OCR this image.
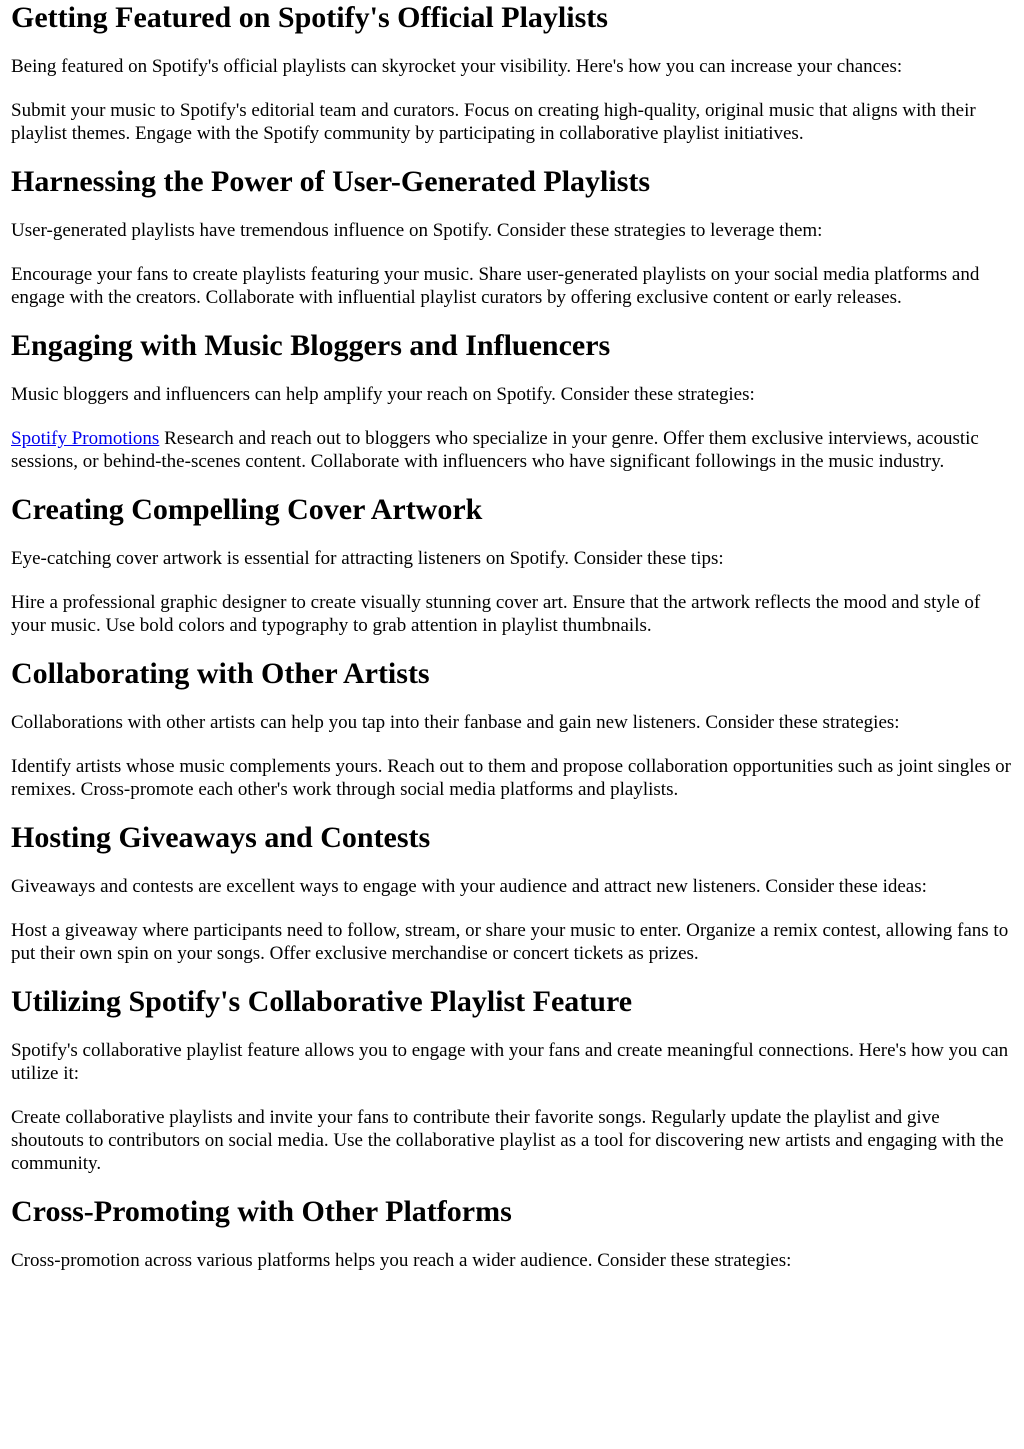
Getting Featured on Spotify's Official Playlists

Being featured on Spotify's official playlists can skyrocket your visibility. Here's how you can increase your chances:

Submit your music to Spotify's editorial team and curators. Focus on creating high-quality, original music that aligns with their playlist themes. Engage with the Spotify community by participating in collaborative playlist initiatives.

Harnessing the Power of User-Generated Playlists

User-generated playlists have tremendous influence on Spotify. Consider these strategies to leverage them:

Encourage your fans to create playlists featuring your music. Share user-generated playlists on your social media platforms and engage with the creators. Collaborate with influential playlist curators by offering exclusive content or early releases.

Engaging with Music Bloggers and Influencers

Music bloggers and influencers can help amplify your reach on Spotify. Consider these strategies:

Spotify Promotions Research and reach out to bloggers who specialize in your genre. Offer them exclusive interviews, acoustic sessions, or behind-the-scenes content. Collaborate with influencers who have significant followings in the music industry.

Creating Compelling Cover Artwork

Eye-catching cover artwork is essential for attracting listeners on Spotify. Consider these tips:

Hire a professional graphic designer to create visually stunning cover art. Ensure that the artwork reflects the mood and style of your music. Use bold colors and typography to grab attention in playlist thumbnails.

Collaborating with Other Artists

Collaborations with other artists can help you tap into their fanbase and gain new listeners. Consider these strategies:

Identify artists whose music complements yours. Reach out to them and propose collaboration opportunities such as joint singles or remixes. Cross-promote each other's work through social media platforms and playlists.

Hosting Giveaways and Contests

Giveaways and contests are excellent ways to engage with your audience and attract new listeners. Consider these ideas:

Host a giveaway where participants need to follow, stream, or share your music to enter. Organize a remix contest, allowing fans to put their own spin on your songs. Offer exclusive merchandise or concert tickets as prizes.

Utilizing Spotify's Collaborative Playlist Feature

Spotify's collaborative playlist feature allows you to engage with your fans and create meaningful connections. Here's how you can utilize it:

Create collaborative playlists and invite your fans to contribute their favorite songs. Regularly update the playlist and give shoutouts to contributors on social media. Use the collaborative playlist as a tool for discovering new artists and engaging with the community.

Cross-Promoting with Other Platforms

Cross-promotion across various platforms helps you reach a wider audience. Consider these strategies:
